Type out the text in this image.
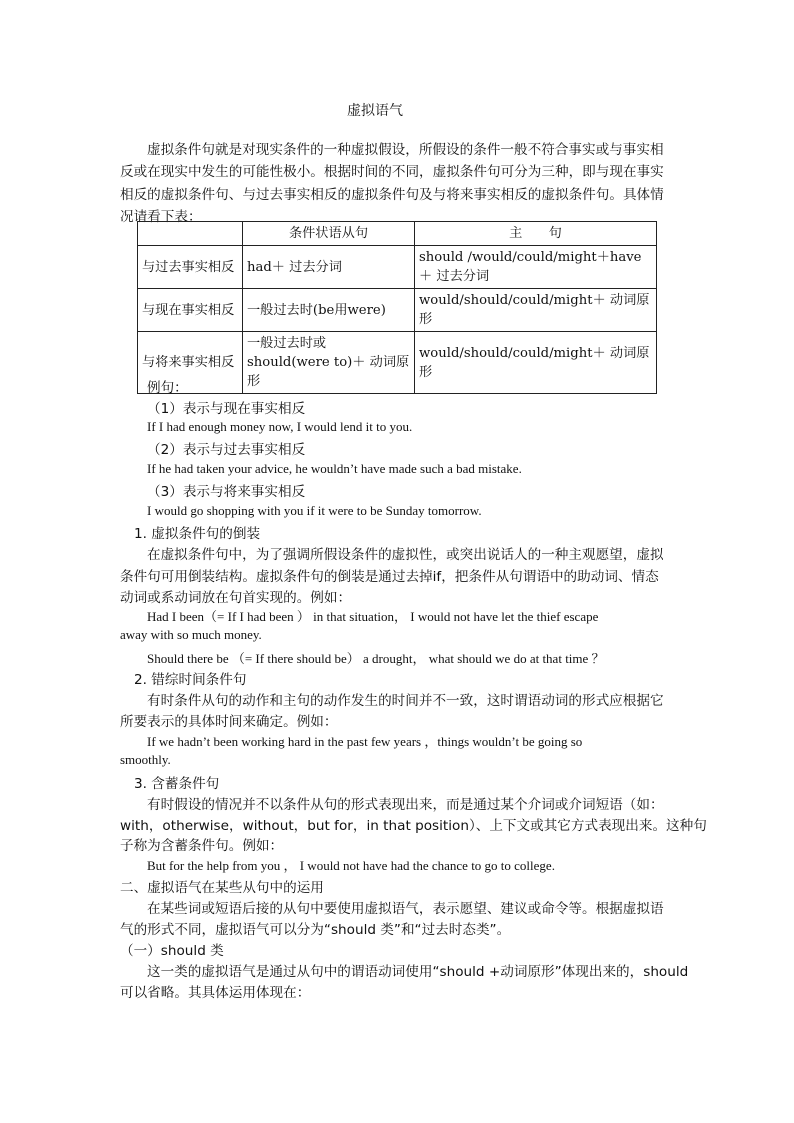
虚拟语气
虚拟条件句就是对现实条件的一种虚拟假设，所假设的条件一般不符合事实或与事实相
反或在现实中发生的可能性极小。根据时间的不同，虚拟条件句可分为三种，即与现在事实
相反的虚拟条件句、与过去事实相反的虚拟条件句及与将来事实相反的虚拟条件句。具体情
况请看下表：
	条件状语从句	主　　句
与过去事实相反	had＋ 过去分词	should /would/could/might＋have＋ 过去分词
与现在事实相反	一般过去时(be用were)	would/should/could/might＋ 动词原形
与将来事实相反	一般过去时或 should(were to)＋ 动词原形	would/should/could/might＋ 动词原形
例句：
（1）表示与现在事实相反
If I had enough money now, I would lend it to you.
（2）表示与过去事实相反
If he had taken your advice, he wouldn’t have made such a bad mistake.
（3）表示与将来事实相反
I would go shopping with you if it were to be Sunday tomorrow.
1. 虚拟条件句的倒装
在虚拟条件句中，为了强调所假设条件的虚拟性，或突出说话人的一种主观愿望，虚拟
条件句可用倒装结构。虚拟条件句的倒装是通过去掉if，把条件从句谓语中的助动词、情态
动词或系动词放在句首实现的。例如：
Had I been（= If I had been ） in that situation， I would not have let the thief escape
away with so much money.
Should there be （= If there should be） a drought， what should we do at that time ？
2. 错综时间条件句
有时条件从句的动作和主句的动作发生的时间并不一致，这时谓语动词的形式应根据它
所要表示的具体时间来确定。例如：
If we hadn’t been working hard in the past few years ，things wouldn’t be going so
smoothly.
3. 含蓄条件句
有时假设的情况并不以条件从句的形式表现出来，而是通过某个介词或介词短语（如：
with，otherwise，without，but for，in that position）、上下文或其它方式表现出来。这种句
子称为含蓄条件句。例如：
But for the help from you ， I would not have had the chance to go to college.
二、虚拟语气在某些从句中的运用
在某些词或短语后接的从句中要使用虚拟语气，表示愿望、建议或命令等。根据虚拟语
气的形式不同，虚拟语气可以分为“should 类”和“过去时态类”。
（一）should 类
这一类的虚拟语气是通过从句中的谓语动词使用“should +动词原形”体现出来的，should
可以省略。其具体运用体现在：
